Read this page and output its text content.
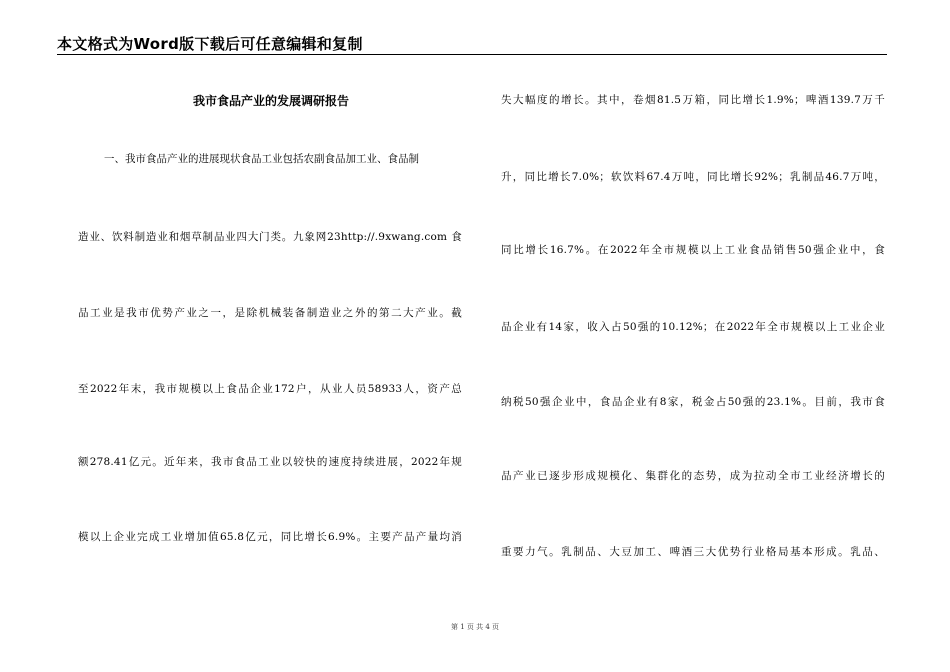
本文格式为Word版下载后可任意编辑和复制
我市食品产业的发展调研报告
一、我市食品产业的进展现状食品工业包括农副食品加工业、食品制
造业、饮料制造业和烟草制品业四大门类。九象网23http://.9xwang.com 食
品工业是我市优势产业之一，是除机械装备制造业之外的第二大产业。截
至2022年末，我市规模以上食品企业172户，从业人员58933人，资产总
额278.41亿元。近年来，我市食品工业以较快的速度持续进展，2022年规
模以上企业完成工业增加值65.8亿元，同比增长6.9%。主要产品产量均消
失大幅度的增长。其中，卷烟81.5万箱，同比增长1.9%；啤酒139.7万千
升，同比增长7.0%；软饮料67.4万吨，同比增长92%；乳制品46.7万吨，
同比增长16.7%。在2022年全市规模以上工业食品销售50强企业中，食
品企业有14家，收入占50强的10.12%；在2022年全市规模以上工业企业
纳税50强企业中，食品企业有8家，税金占50强的23.1%。目前，我市食
品产业已逐步形成规模化、集群化的态势，成为拉动全市工业经济增长的
重要力气。乳制品、大豆加工、啤酒三大优势行业格局基本形成。乳品、
第 1 页 共 4 页
